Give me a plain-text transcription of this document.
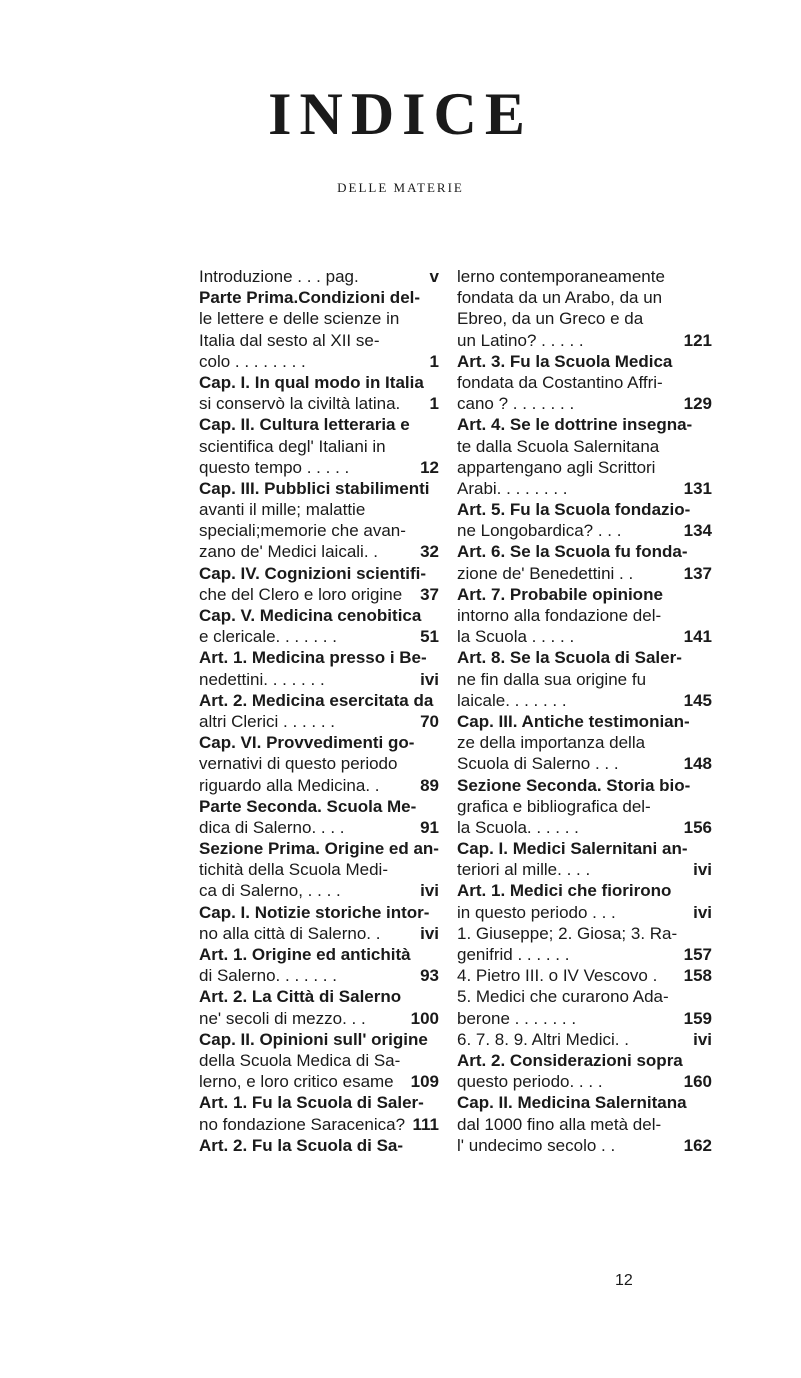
INDICE
DELLE MATERIE
Introduzione . . . pag.	v
Parte Prima.Condizioni del-
le lettere e delle scienze in
Italia dal sesto al XII se-
colo . . . . . . . .	1
Cap. I. In qual modo in Italia
si conservò la civiltà latina. 1
Cap. II. Cultura letteraria e
scientifica degl' Italiani in
questo tempo . . . . .	12
Cap. III. Pubblici stabilimenti
avanti il mille; malattie
speciali;memorie che avan-
zano de' Medici laicali. . 32
Cap. IV. Cognizioni scientifi-
che del Clero e loro origine 37
Cap. V. Medicina cenobitica
e clericale. . . . . . .	51
Art. 1. Medicina presso i Be-
nedettini. . . . . . .	ivi
Art. 2. Medicina esercitata da
altri Clerici . . . . . .	70
Cap. VI. Provvedimenti go-
vernativi di questo periodo
riguardo alla Medicina. . 89
Parte Seconda. Scuola Me-
dica di Salerno. . . .	91
Sezione Prima. Origine ed an-
tichità della Scuola Medi-
ca di Salerno, . . . .	ivi
Cap. I. Notizie storiche intor-
no alla città di Salerno. . ivi
Art. 1. Origine ed antichità
di Salerno. . . . . . .	93
Art. 2. La Città di Salerno
ne' secoli di mezzo. . .	100
Cap. II. Opinioni sull' origine
della Scuola Medica di Sa-
lerno, e loro critico esame 109
Art. 1. Fu la Scuola di Saler-
no fondazione Saracenica? 111
Art. 2. Fu la Scuola di Sa-
lerno contemporaneamente
fondata da un Arabo, da un
Ebreo, da un Greco e da
un Latino? . . . . .	121
Art. 3. Fu la Scuola Medica
fondata da Costantino Affri-
cano ? . . . . . . .	129
Art. 4. Se le dottrine insegna-
te dalla Scuola Salernitana
appartengano agli Scrittori
Arabi. . . . . . . .	131
Art. 5. Fu la Scuola fondazio-
ne Longobardica? . . .	134
Art. 6. Se la Scuola fu fonda-
zione de' Benedettini . .	137
Art. 7. Probabile opinione
intorno alla fondazione del-
la Scuola . . . . .	141
Art. 8. Se la Scuola di Saler-
ne fin dalla sua origine fu
laicale. . . . . . .	145
Cap. III. Antiche testimonian-
ze della importanza della
Scuola di Salerno . . .	148
Sezione Seconda. Storia bio-
grafica e bibliografica del-
la Scuola. . . . . .	156
Cap. I. Medici Salernitani an-
teriori al mille. . . .	ivi
Art. 1. Medici che fiorirono
in questo periodo . . .	ivi
1. Giuseppe; 2. Giosa; 3. Ra-
genifrid . . . . . .	157
4. Pietro III. o IV Vescovo . 158
5. Medici che curarono Ada-
berone . . . . . . .	159
6. 7. 8. 9. Altri Medici. .	ivi
Art. 2. Considerazioni sopra
questo periodo. . . .	160
Cap. II. Medicina Salernitana
dal 1000 fino alla metà del-
l' undecimo secolo . .	162
12
